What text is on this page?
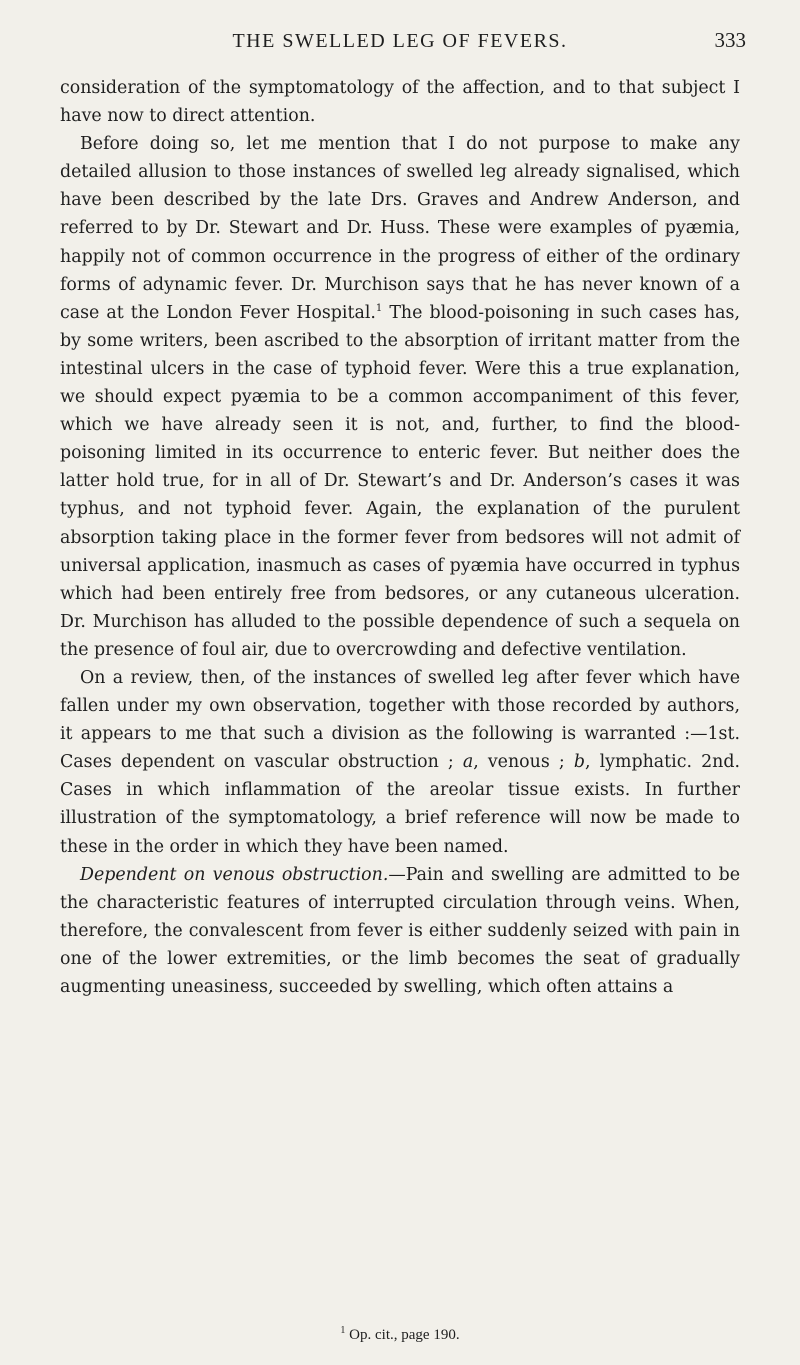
THE SWELLED LEG OF FEVERS.	333

consideration of the symptomatology of the affection, and to that subject I have now to direct attention.

Before doing so, let me mention that I do not purpose to make any detailed allusion to those instances of swelled leg already signalised, which have been described by the late Drs. Graves and Andrew Anderson, and referred to by Dr. Stewart and Dr. Huss. These were examples of pyæmia, happily not of common occurrence in the progress of either of the ordinary forms of adynamic fever. Dr. Murchison says that he has never known of a case at the London Fever Hospital.$^1$ The blood-poisoning in such cases has, by some writers, been ascribed to the absorption of irritant matter from the intestinal ulcers in the case of typhoid fever. Were this a true explanation, we should expect pyæmia to be a common accompaniment of this fever, which we have already seen it is not, and, further, to find the blood-poisoning limited in its occurrence to enteric fever. But neither does the latter hold true, for in all of Dr. Stewart’s and Dr. Anderson’s cases it was typhus, and not typhoid fever. Again, the explanation of the purulent absorption taking place in the former fever from bedsores will not admit of universal application, inasmuch as cases of pyæmia have occurred in typhus which had been entirely free from bedsores, or any cutaneous ulceration. Dr. Murchison has alluded to the possible dependence of such a sequela on the presence of foul air, due to overcrowding and defective ventilation.

On a review, then, of the instances of swelled leg after fever which have fallen under my own observation, together with those recorded by authors, it appears to me that such a division as the following is warranted :—1st. Cases dependent on vascular obstruction ; a, venous ; b, lymphatic. 2nd. Cases in which inflammation of the areolar tissue exists. In further illustration of the symptomatology, a brief reference will now be made to these in the order in which they have been named.

Dependent on venous obstruction.—Pain and swelling are admitted to be the characteristic features of interrupted circulation through veins. When, therefore, the convalescent from fever is either suddenly seized with pain in one of the lower extremities, or the limb becomes the seat of gradually augmenting uneasiness, succeeded by swelling, which often attains a

$^1$ Op. cit., page 190.
